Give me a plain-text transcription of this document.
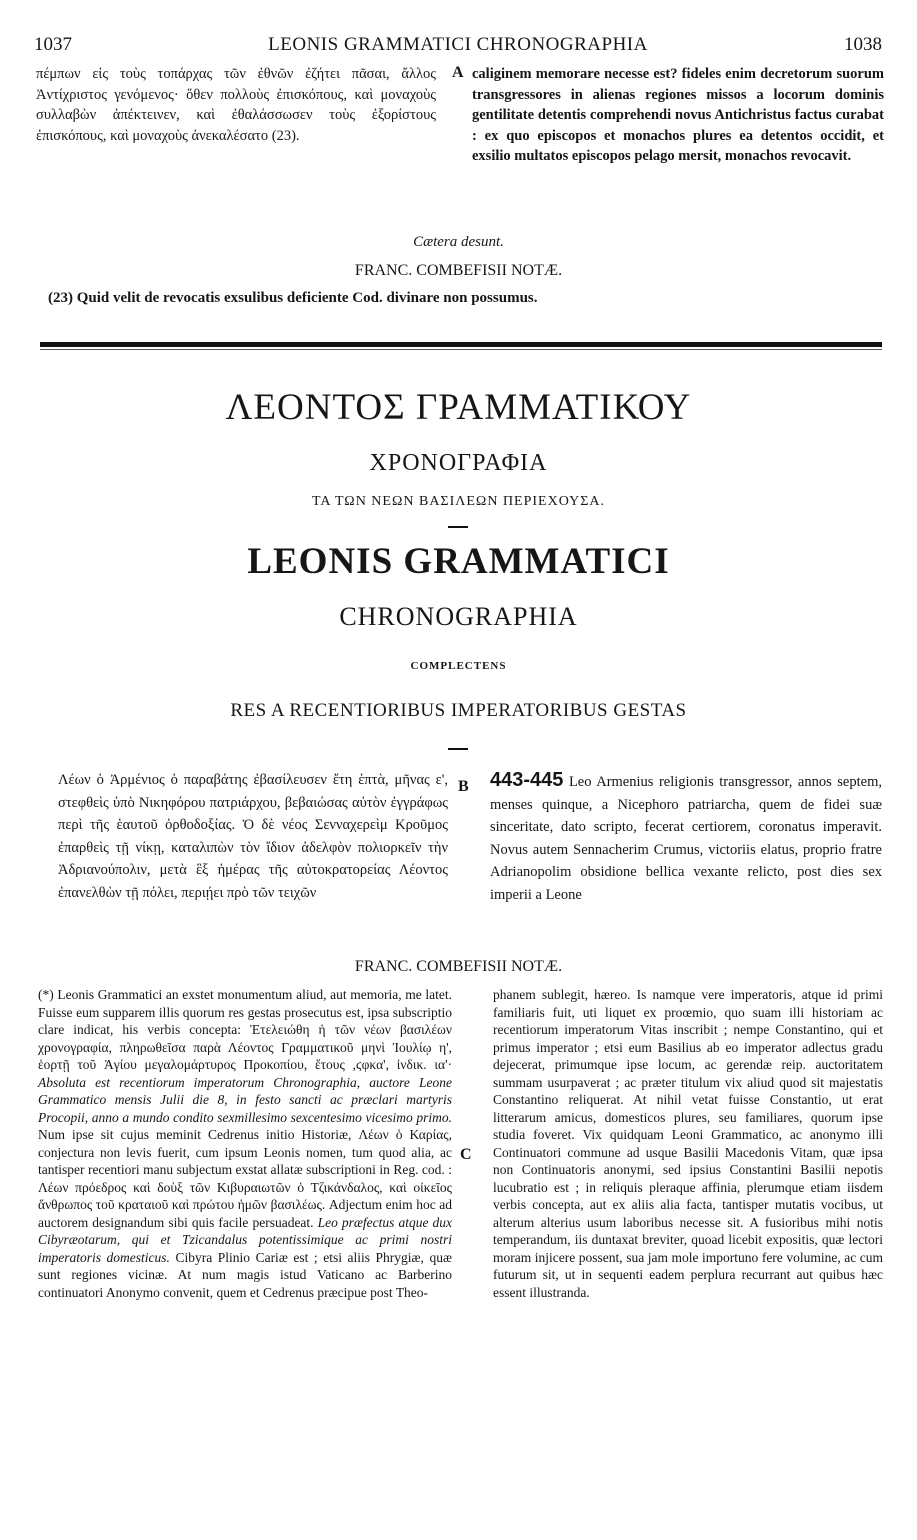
1037	LEONIS GRAMMATICI CHRONOGRAPHIA	1038
πέμπων εἰς τοὺς τοπάρχας τῶν ἐθνῶν ἐζήτει πᾶσαι, ἄλλος Ἀντίχριστος γενόμενος· ὅθεν πολλοὺς ἐπισκόπους, καὶ μοναχοὺς συλλαβὼν ἀπέκτεινεν, καὶ ἐθαλάσσωσεν τοὺς ἐξορίστους ἐπισκόπους, καὶ μοναχοὺς ἀνεκαλέσατο (23).
A caliginem memorare necesse est? fideles enim decretorum suorum transgressores in alienas regiones missos a locorum dominis gentilitate detentis comprehendi novus Antichristus factus curabat : ex quo episcopos et monachos plures ea detentos occidit, et exsilio multatos episcopos pelago mersit, monachos revocavit.
Cætera desunt.
FRANC. COMBEFISII NOTÆ.
(23) Quid velit de revocatis exsulibus deficiente Cod. divinare non possumus.
ΛΕΟΝΤΟΣ ΓΡΑΜΜΑΤΙΚΟΥ
ΧΡΟΝΟΓΡΑΦΙΑ
ΤΑ ΤΩΝ ΝΕΩΝ ΒΑΣΙΛΕΩΝ ΠΕΡΙΕΧΟΥΣΑ.
LEONIS GRAMMATICI
CHRONOGRAPHIA
COMPLECTENS
RES A RECENTIORIBUS IMPERATORIBUS GESTAS
Λέων ὁ Ἀρμένιος ὁ παραβάτης ἐβασίλευσεν ἔτη ἑπτὰ, μῆνας ε', στεφθεὶς ὑπὸ Νικηφόρου πατριάρχου, βεβαιώσας αὐτὸν ἐγγράφως περὶ τῆς ἑαυτοῦ ὀρθοδοξίας. Ὁ δὲ νέος Σενναχερεὶμ Κροῦμος ἐπαρθεὶς τῇ νίκῃ, καταλιπὼν τὸν ἴδιον ἀδελφὸν πολιορκεῖν τὴν Ἀδριανούπολιν, μετὰ ἓξ ἡμέρας τῆς αὐτοκρατορείας Λέοντος ἐπανελθὼν τῇ πόλει, περιῄει πρὸ τῶν τειχῶν
B 443-445 Leo Armenius religionis transgressor, annos septem, menses quinque, a Nicephoro patriarcha, quem de fidei suæ sinceritate, dato scripto, fecerat certiorem, coronatus imperavit. Novus autem Sennacherim Crumus, victoriis elatus, proprio fratre Adrianopolim obsidione bellica vexante relicto, post dies sex imperii a Leone
FRANC. COMBEFISII NOTÆ.
(*) Leonis Grammatici an exstet monumentum aliud, aut memoria, me latet. Fuisse eum supparem illis quorum res gestas prosecutus est, ipsa subscriptio clare indicat, his verbis concepta: Ἐτελειώθη ἡ τῶν νέων βασιλέων χρονογραφία, πληρωθεῖσα παρὰ Λέοντος Γραμματικοῦ μηνὶ Ἰουλίῳ η', ἑορτῇ τοῦ Ἁγίου μεγαλομάρτυρος Προκοπίου, ἔτους ,ϛφκα', ἰνδικ. ια'· Absoluta est recentiorum imperatorum Chronographia, auctore Leone Grammatico mensis Julii die 8, in festo sancti ac præclari martyris Procopii, anno a mundo condito sexmillesimo sexcentesimo vicesimo primo. Num ipse sit cujus meminit Cedrenus initio Historiæ, Λέων ὁ Καρίας, conjectura non levis fuerit, cum ipsum Leonis nomen, tum quod alia, ac tantisper recentiori manu subjectum exstat allatæ subscriptioni in Reg. cod. : Λέων πρόεδρος καὶ δοὺξ τῶν Κιβυραιωτῶν ὁ Τζικάνδαλος, καὶ οἰκεῖος ἄνθρωπος τοῦ κραταιοῦ καὶ πρώτου ἡμῶν βασιλέως. Adjectum enim hoc ad auctorem designandum sibi quis facile persuadeat. Leo præfectus atque dux Cibyræotarum, qui et Tzicandalus potentissimique ac primi nostri imperatoris domesticus. Cibyra Plinio Cariæ est ; etsi aliis Phrygiæ, quæ sunt regiones vicinæ. At num magis istud Vaticano ac Barberino continuatori Anonymo convenit, quem et Cedrenus præcipue post Theo-
C
phanem sublegit, hæreo. Is namque vere imperatoris, atque id primi familiaris fuit, uti liquet ex proœmio, quo suam illi historiam ac recentiorum imperatorum Vitas inscribit ; nempe Constantino, qui et primus imperator ; etsi eum Basilius ab eo imperator adlectus gradu dejecerat, primumque ipse locum, ac gerendæ reip. auctoritatem summam usurpaverat ; ac præter titulum vix aliud quod sit majestatis Constantino reliquerat. At nihil vetat fuisse Constantio, ut erat litterarum amicus, domesticos plures, seu familiares, quorum ipse studia foveret. Vix quidquam Leoni Grammatico, ac anonymo illi Continuatori commune ad usque Basilii Macedonis Vitam, quæ ipsa non Continuatoris anonymi, sed ipsius Constantini Basilii nepotis lucubratio est ; in reliquis pleraque affinia, plerumque etiam iisdem verbis concepta, aut ex aliis alia facta, tantisper mutatis vocibus, ut alterum alterius usum laboribus necesse sit. A fusioribus mihi notis temperandum, iis duntaxat breviter, quoad licebit expositis, quæ lectori moram injicere possent, sua jam mole importuno fere volumine, ac cum futurum sit, ut in sequenti eadem perplura recurrant aut quibus hæc essent illustranda.
